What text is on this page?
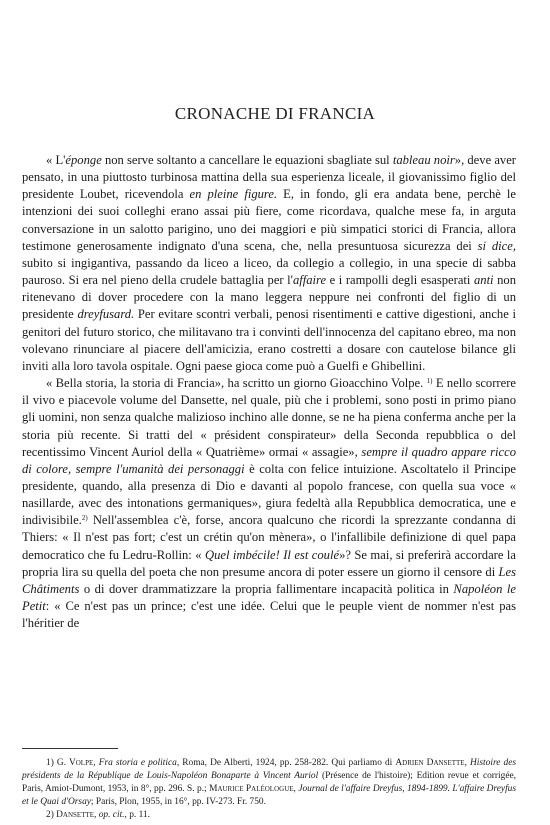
CRONACHE DI FRANCIA

« L'éponge non serve soltanto a cancellare le equazioni sbagliate sul tableau noir», deve aver pensato, in una piuttosto turbinosa mattina della sua esperienza liceale, il giovanissimo figlio del presidente Loubet, ricevendola en pleine figure. E, in fondo, gli era andata bene, perchè le intenzioni dei suoi colleghi erano assai più fiere, come ricordava, qualche mese fa, in arguta conversazione in un salotto parigino, uno dei maggiori e più simpatici storici di Francia, allora testimone generosamente indignato d'una scena, che, nella presuntuosa sicurezza dei si dice, subito si ingigantiva, passando da liceo a liceo, da collegio a collegio, in una specie di sabba pauroso. Si era nel pieno della crudele battaglia per l'affaire e i rampolli degli esasperati anti non ritenevano di dover procedere con la mano leggera neppure nei confronti del figlio di un presidente dreyfusard. Per evitare scontri verbali, penosi risentimenti e cattive digestioni, anche i genitori del futuro storico, che militavano tra i convinti dell'innocenza del capitano ebreo, ma non volevano rinunciare al piacere dell'amicizia, erano costretti a dosare con cautelose bilance gli inviti alla loro tavola ospitale. Ogni paese gioca come può a Guelfi e Ghibellini.

« Bella storia, la storia di Francia», ha scritto un giorno Gioacchino Volpe. $^{1)}$ E nello scorrere il vivo e piacevole volume del Dansette, nel quale, più che i problemi, sono posti in primo piano gli uomini, non senza qualche malizioso inchino alle donne, se ne ha piena conferma anche per la storia più recente. Si tratti del « président conspirateur» della Seconda repubblica o del recentissimo Vincent Auriol della « Quatrième» ormai « assagie», sempre il quadro appare ricco di colore, sempre l'umanità dei personaggi è colta con felice intuizione. Ascoltatelo il Principe presidente, quando, alla presenza di Dio e davanti al popolo francese, con quella sua voce « nasillarde, avec des intonations germaniques», giura fedeltà alla Repubblica democratica, une e indivisibile.$^{2)}$ Nell'assemblea c'è, forse, ancora qualcuno che ricordi la sprezzante condanna di Thiers: « Il n'est pas fort; c'est un crétin qu'on mènera», o l'infallibile definizione di quel papa democratico che fu Ledru-Rollin: « Quel imbécile! Il est coulé»? Se mai, si preferirà accordare la propria lira su quella del poeta che non presume ancora di poter essere un giorno il censore di Les Châtiments o di dover drammatizzare la propria fallimentare incapacità politica in Napoléon le Petit: « Ce n'est pas un prince; c'est une idée. Celui que le peuple vient de nommer n'est pas l'héritier de

1) G. Volpe, Fra storia e politica, Roma, De Alberti, 1924, pp. 258-282. Qui parliamo di Adrien Dansette, Histoire des présidents de la République de Louis-Napoléon Bonaparte à Vincent Auriol (Présence de l'histoire); Edition revue et corrigée, Paris, Amiot-Dumont, 1953, in 8°, pp. 296. S. p.; Maurice Paléologue, Journal de l'affaire Dreyfus, 1894-1899. L'affaire Dreyfus et le Quai d'Orsay; Paris, Plon, 1955, in 16°, pp. IV-273. Fr. 750.

2) Dansette, op. cit., p. 11.
